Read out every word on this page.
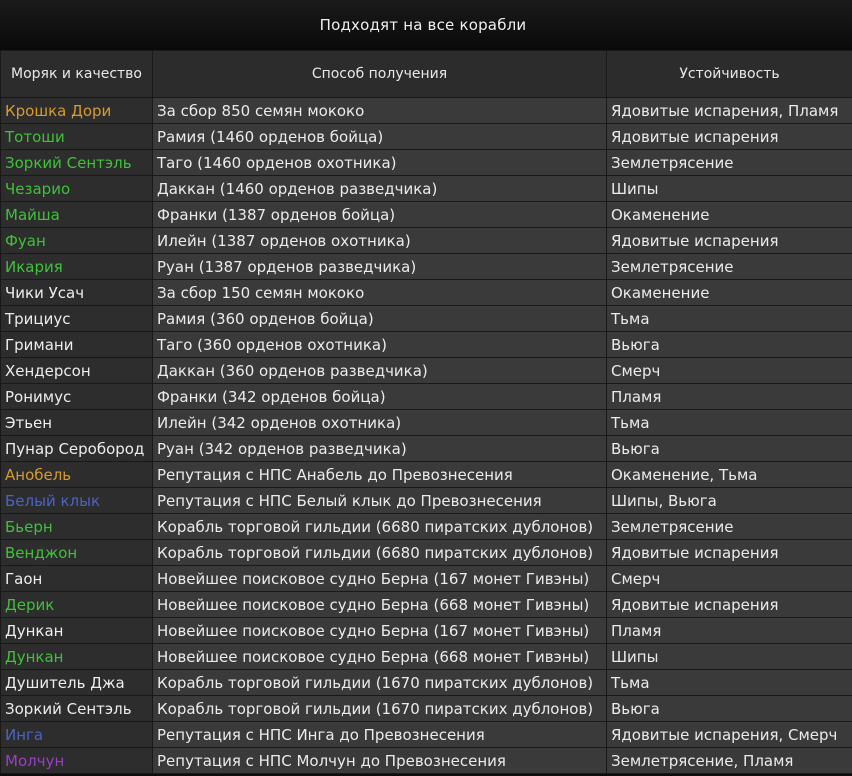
Подходят на все корабли
Моряк и качество	Способ получения	Устойчивость
Крошка Дори	За сбор 850 семян мококо	Ядовитые испарения, Пламя
Тотоши	Рамия (1460 орденов бойца)	Ядовитые испарения
Зоркий Сентэль	Таго (1460 орденов охотника)	Землетрясение
Чезарио	Даккан (1460 орденов разведчика)	Шипы
Майша	Франки (1387 орденов бойца)	Окаменение
Фуан	Илейн (1387 орденов охотника)	Ядовитые испарения
Икария	Руан (1387 орденов разведчика)	Землетрясение
Чики Усач	За сбор 150 семян мококо	Окаменение
Трициус	Рамия (360 орденов бойца)	Тьма
Гримани	Таго (360 орденов охотника)	Вьюга
Хендерсон	Даккан (360 орденов разведчика)	Смерч
Ронимус	Франки (342 орденов бойца)	Пламя
Этьен	Илейн (342 орденов охотника)	Тьма
Пунар Серобород	Руан (342 орденов разведчика)	Вьюга
Анобель	Репутация с НПС Анабель до Превознесения	Окаменение, Тьма
Белый клык	Репутация с НПС Белый клык до Превознесения	Шипы, Вьюга
Бьерн	Корабль торговой гильдии (6680 пиратских дублонов)	Землетрясение
Венджон	Корабль торговой гильдии (6680 пиратских дублонов)	Ядовитые испарения
Гаон	Новейшее поисковое судно Берна (167 монет Гивэны)	Смерч
Дерик	Новейшее поисковое судно Берна (668 монет Гивэны)	Ядовитые испарения
Дункан	Новейшее поисковое судно Берна (167 монет Гивэны)	Пламя
Дункан	Новейшее поисковое судно Берна (668 монет Гивэны)	Шипы
Душитель Джа	Корабль торговой гильдии (1670 пиратских дублонов)	Тьма
Зоркий Сентэль	Корабль торговой гильдии (1670 пиратских дублонов)	Вьюга
Инга	Репутация с НПС Инга до Превознесения	Ядовитые испарения, Смерч
Молчун	Репутация с НПС Молчун до Превознесения	Землетрясение, Пламя
